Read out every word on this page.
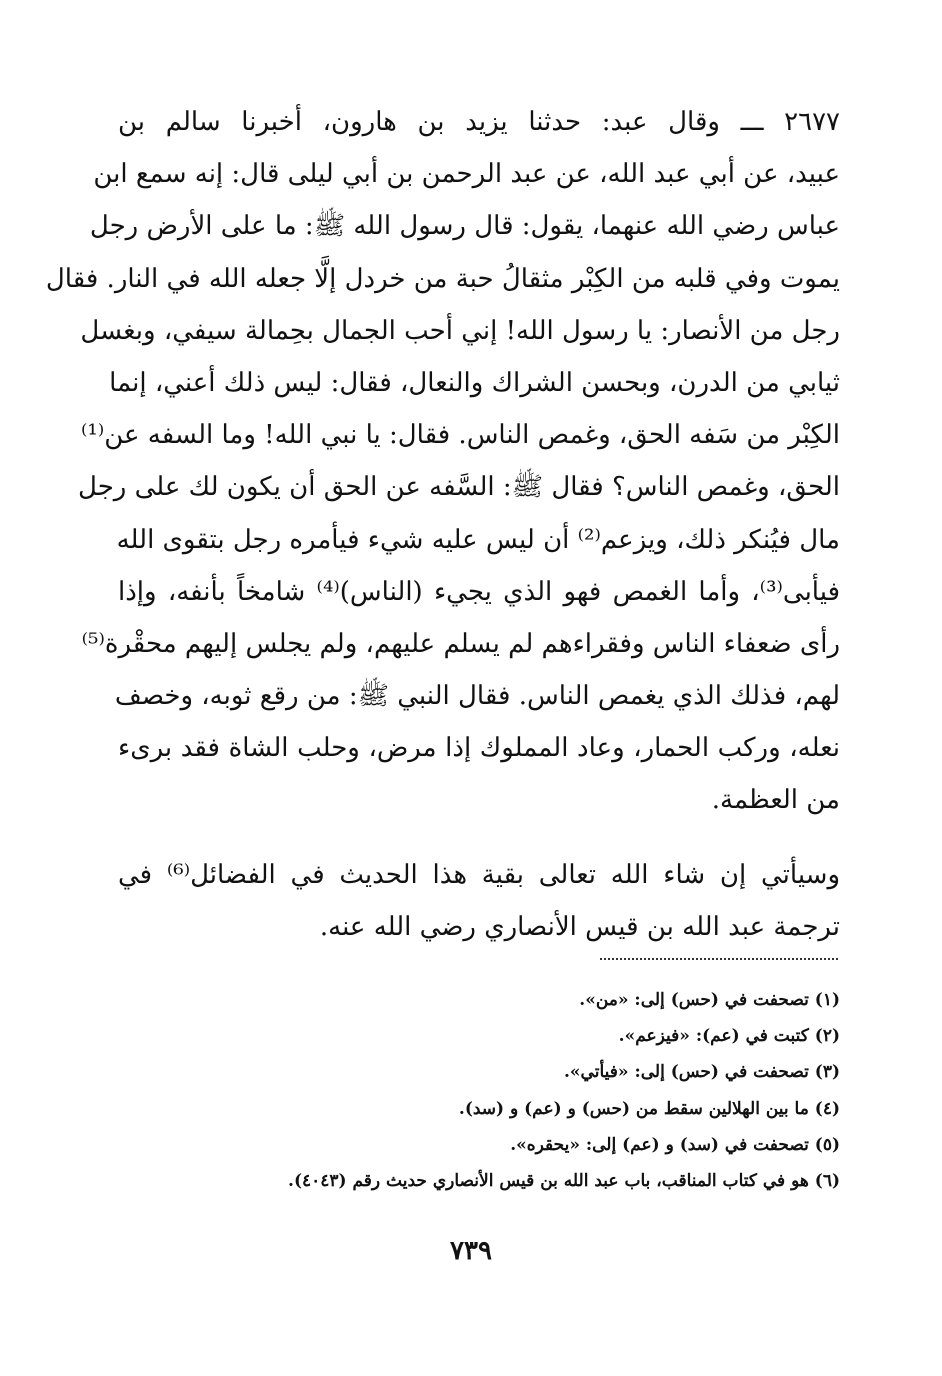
٢٦٧٧ ـــ وقال عبد: حدثنا يزيد بن هارون، أخبرنا سالم بن
عبيد، عن أبي عبد الله، عن عبد الرحمن بن أبي ليلى قال: إنه سمع ابن
عباس رضي الله عنهما، يقول: قال رسول الله ﷺ: ما على الأرض رجل
يموت وفي قلبه من الكِبْر مثقالُ حبة من خردل إلَّا جعله الله في النار. فقال
رجل من الأنصار: يا رسول الله! إني أحب الجمال بحِمالة سيفي، وبغسل
ثيابي من الدرن، وبحسن الشراك والنعال، فقال: ليس ذلك أعني، إنما
الكِبْر من سَفه الحق، وغمص الناس. فقال: يا نبي الله! وما السفه عن⁽¹⁾
الحق، وغمص الناس؟ فقال ﷺ: السَّفه عن الحق أن يكون لك على رجل
مال فيُنكر ذلك، ويزعم⁽²⁾ أن ليس عليه شيء فيأمره رجل بتقوى الله
فيأبى⁽³⁾، وأما الغمص فهو الذي يجيء (الناس)⁽⁴⁾ شامخاً بأنفه، وإذا
رأى ضعفاء الناس وفقراءهم لم يسلم عليهم، ولم يجلس إليهم محقْرة⁽⁵⁾
لهم، فذلك الذي يغمص الناس. فقال النبي ﷺ: من رقع ثوبه، وخصف
نعله، وركب الحمار، وعاد المملوك إذا مرض، وحلب الشاة فقد برىء
من العظمة.
وسيأتي إن شاء الله تعالى بقية هذا الحديث في الفضائل⁽⁶⁾ في
ترجمة عبد الله بن قيس الأنصاري رضي الله عنه.
(١) تصحفت في (حس) إلى: «من».
(٢) كتبت في (عم): «فيزعم».
(٣) تصحفت في (حس) إلى: «فيأتي».
(٤) ما بين الهلالين سقط من (حس) و (عم) و (سد).
(٥) تصحفت في (سد) و (عم) إلى: «يحقره».
(٦) هو في كتاب المناقب، باب عبد الله بن قيس الأنصاري حديث رقم (٤٠٤٣).
٧٣٩
